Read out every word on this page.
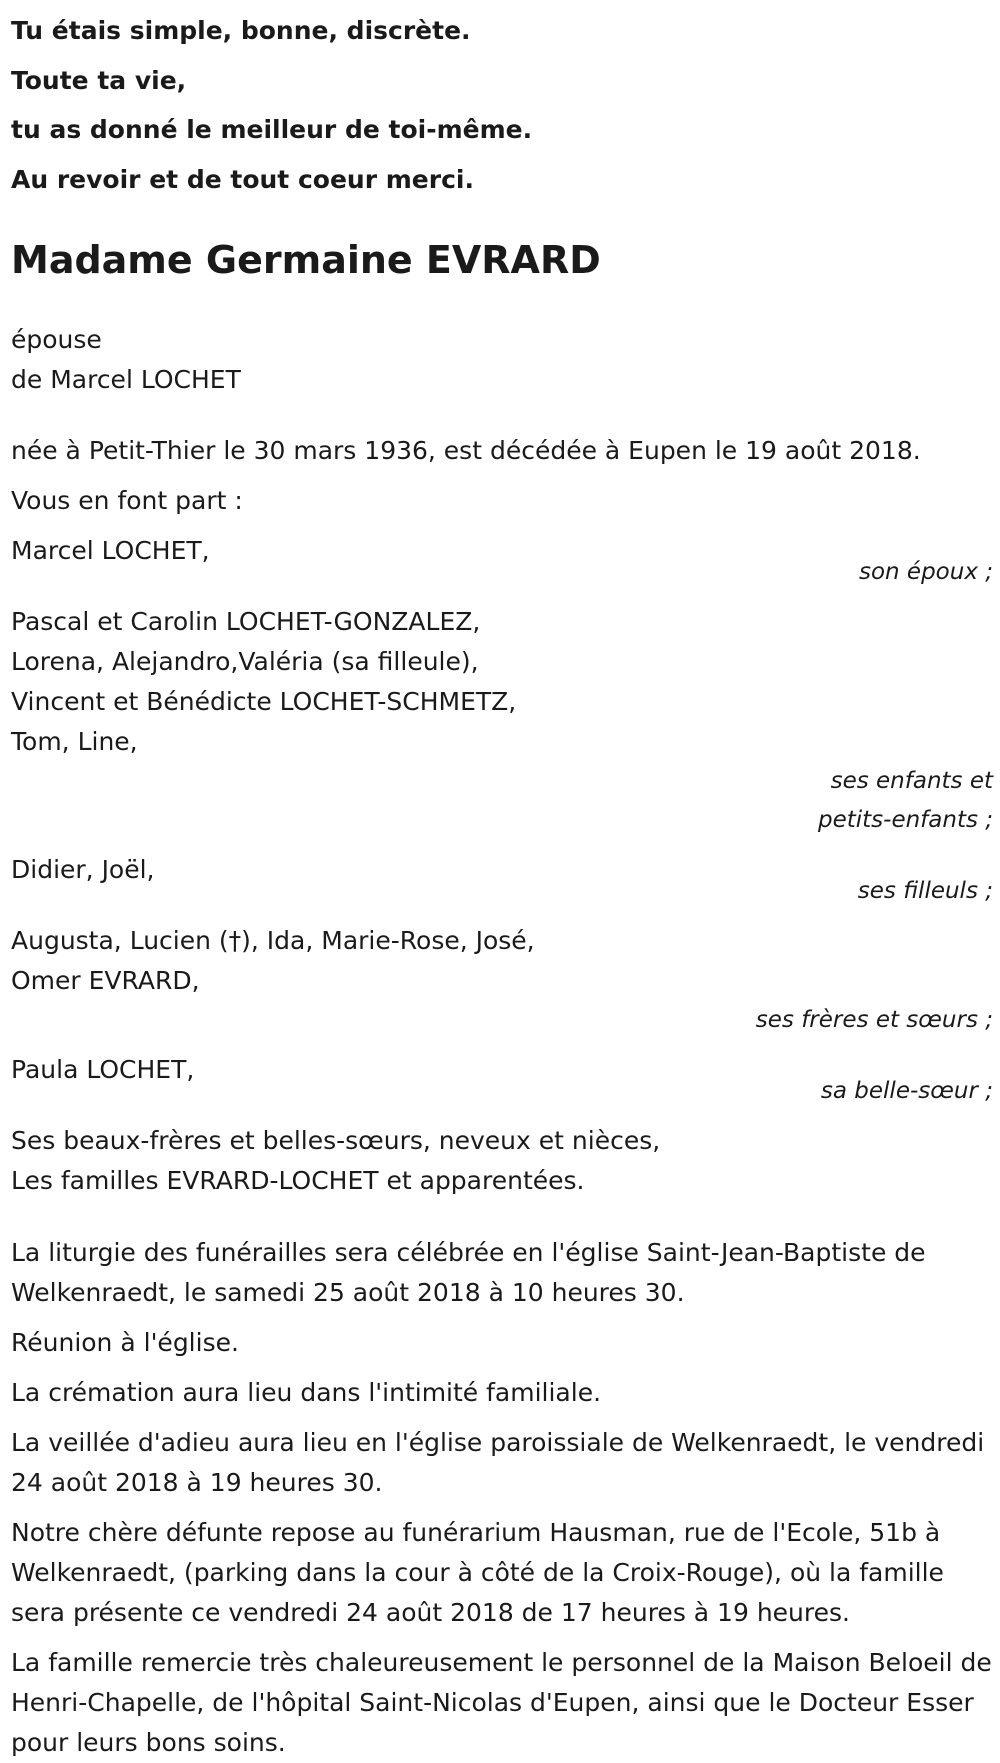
Tu étais simple, bonne, discrète.

Toute ta vie,

tu as donné le meilleur de toi-même.

Au revoir et de tout coeur merci.

Madame Germaine EVRARD

épouse

de Marcel LOCHET

née à Petit-Thier le 30 mars 1936, est décédée à Eupen le 19 août 2018.

Vous en font part :

Marcel LOCHET,

son époux ;

Pascal et Carolin LOCHET-GONZALEZ,

Lorena, Alejandro,Valéria (sa filleule),

Vincent et Bénédicte LOCHET-SCHMETZ,

Tom, Line,

ses enfants et petits-enfants ;

Didier, Joël,

ses filleuls ;

Augusta, Lucien (†), Ida, Marie-Rose, José,

Omer EVRARD,

ses frères et sœurs ;

Paula LOCHET,

sa belle-sœur ;

Ses beaux-frères et belles-sœurs, neveux et nièces,

Les familles EVRARD-LOCHET et apparentées.

La liturgie des funérailles sera célébrée en l'église Saint-Jean-Baptiste de Welkenraedt, le samedi 25 août 2018 à 10 heures 30.

Réunion à l'église.

La crémation aura lieu dans l'intimité familiale.

La veillée d'adieu aura lieu en l'église paroissiale de Welkenraedt, le vendredi 24 août 2018 à 19 heures 30.

Notre chère défunte repose au funérarium Hausman, rue de l'Ecole, 51b à Welkenraedt, (parking dans la cour à côté de la Croix-Rouge), où la famille sera présente ce vendredi 24 août 2018 de 17 heures à 19 heures.

La famille remercie très chaleureusement le personnel de la Maison Beloeil de Henri-Chapelle, de l'hôpital Saint-Nicolas d'Eupen, ainsi que le Docteur Esser pour leurs bons soins.
